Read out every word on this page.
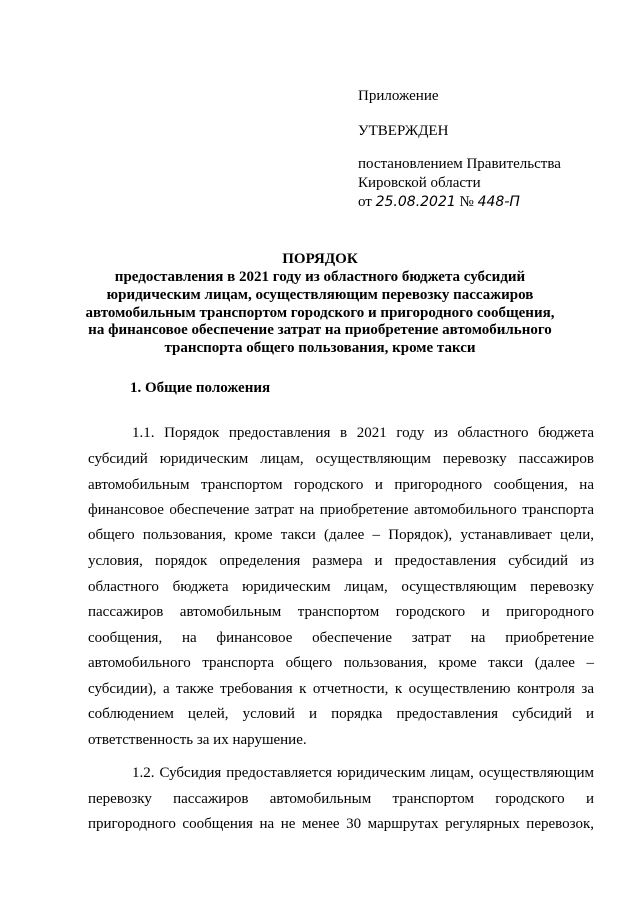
Приложение
УТВЕРЖДЕН
постановлением Правительства
Кировской области
от 25.08.2021 № 448-П
ПОРЯДОК
предоставления в 2021 году из областного бюджета субсидий
юридическим лицам, осуществляющим перевозку пассажиров
автомобильным транспортом городского и пригородного сообщения,
на финансовое обеспечение затрат на приобретение автомобильного
транспорта общего пользования, кроме такси
1. Общие положения
1.1. Порядок предоставления в 2021 году из областного бюджета
субсидий юридическим лицам, осуществляющим перевозку пассажиров
автомобильным транспортом городского и пригородного сообщения, на
финансовое обеспечение затрат на приобретение автомобильного транспорта
общего пользования, кроме такси (далее – Порядок), устанавливает цели,
условия, порядок определения размера и предоставления субсидий из
областного бюджета юридическим лицам, осуществляющим перевозку
пассажиров автомобильным транспортом городского и пригородного
сообщения, на финансовое обеспечение затрат на приобретение
автомобильного транспорта общего пользования, кроме такси (далее –
субсидии), а также требования к отчетности, к осуществлению контроля за
соблюдением целей, условий и порядка предоставления субсидий и
ответственность за их нарушение.
1.2. Субсидия предоставляется юридическим лицам, осуществляющим
перевозку пассажиров автомобильным транспортом городского и
пригородного сообщения на не менее 30 маршрутах регулярных перевозок,
